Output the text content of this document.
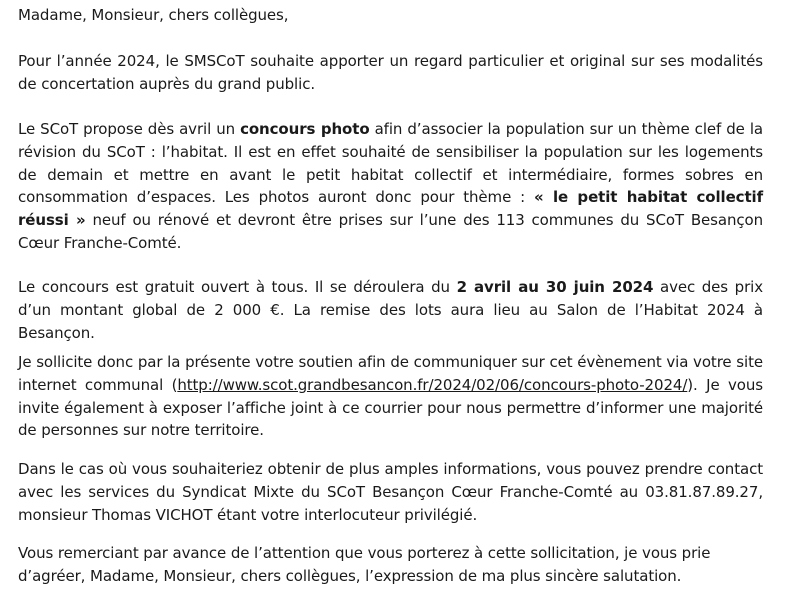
Madame, Monsieur, chers collègues,

Pour l’année 2024, le SMSCoT souhaite apporter un regard particulier et original sur ses modalités de concertation auprès du grand public.

Le SCoT propose dès avril un concours photo afin d’associer la population sur un thème clef de la révision du SCoT : l’habitat. Il est en effet souhaité de sensibiliser la population sur les logements de demain et mettre en avant le petit habitat collectif et intermédiaire, formes sobres en consommation d’espaces. Les photos auront donc pour thème : « le petit habitat collectif réussi » neuf ou rénové et devront être prises sur l’une des 113 communes du SCoT Besançon Cœur Franche-Comté.

Le concours est gratuit ouvert à tous. Il se déroulera du 2 avril au 30 juin 2024 avec des prix d’un montant global de 2 000 €. La remise des lots aura lieu au Salon de l’Habitat 2024 à Besançon.

Je sollicite donc par la présente votre soutien afin de communiquer sur cet évènement via votre site internet communal (http://www.scot.grandbesancon.fr/2024/02/06/concours-photo-2024/). Je vous invite également à exposer l’affiche joint à ce courrier pour nous permettre d’informer une majorité de personnes sur notre territoire.

Dans le cas où vous souhaiteriez obtenir de plus amples informations, vous pouvez prendre contact avec les services du Syndicat Mixte du SCoT Besançon Cœur Franche-Comté au 03.81.87.89.27, monsieur Thomas VICHOT étant votre interlocuteur privilégié.

Vous remerciant par avance de l’attention que vous porterez à cette sollicitation, je vous prie d’agréer, Madame, Monsieur, chers collègues, l’expression de ma plus sincère salutation.
